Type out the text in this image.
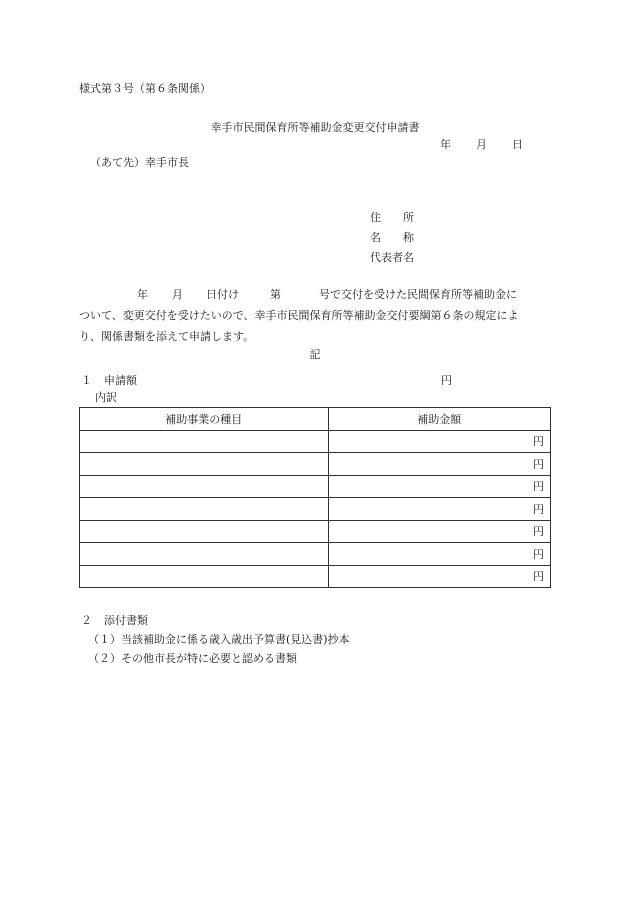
様式第３号（第６条関係）
幸手市民間保育所等補助金変更交付申請書
年 月 日
（あて先）幸手市長
住　　所
名　　称
代表者名
年 月 日付け	第	号で交付を受けた民間保育所等補助金に
ついて、変更交付を受けたいので、幸手市民間保育所等補助金交付要綱第６条の規定によ
り、関係書類を添えて申請します。
記
１ 申請額	円
内訳
補助事業の種目	補助金額
	円
	円
	円
	円
	円
	円
	円
２ 添付書類
（１）当該補助金に係る歳入歳出予算書(見込書)抄本
（２）その他市長が特に必要と認める書類
